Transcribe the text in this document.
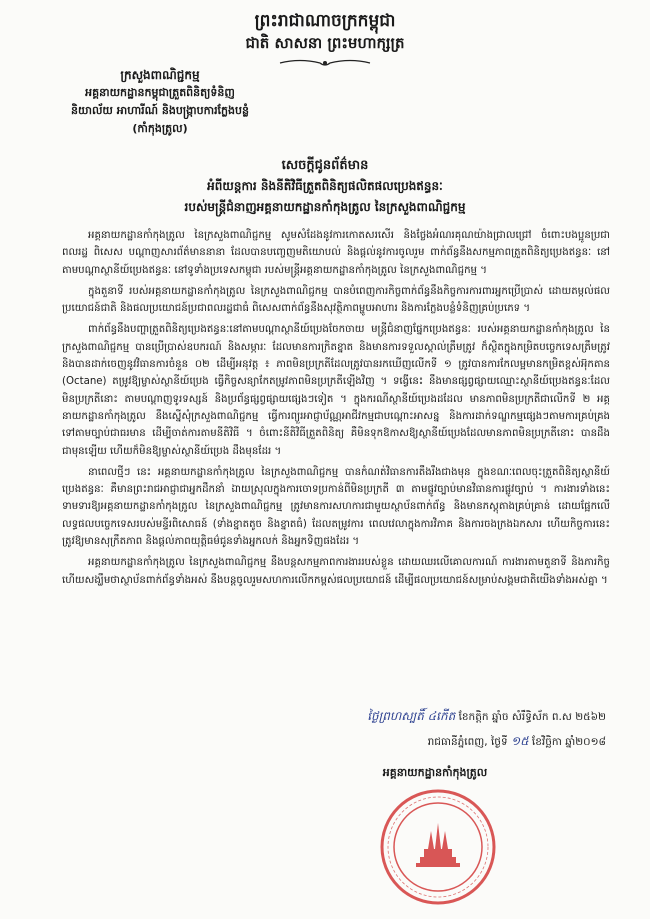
ព្រះរាជាណាចក្រកម្ពុជា
ជាតិ សាសនា ព្រះមហាក្សត្រ
ក្រសួងពាណិជ្ជកម្ម
អគ្គនាយកដ្ឋានកម្ពុជាត្រួតពិនិត្យទំនិញ
និយាល័យ អាហារីណ៍ និងបង្ក្រាបការក្លែងបន្លំ
(កាំកុងត្រូល)
សេចក្តីជូនព័ត៌មាន
អំពីយន្តការ និងនីតិវិធីត្រួតពិនិត្យផលិតផលប្រេងឥន្ធនៈ
របស់មន្ត្រីជំនាញអគ្គនាយកដ្ឋានកាំកុងត្រូល នៃក្រសួងពាណិជ្ជកម្ម

អគ្គនាយកដ្ឋានកាំកុងត្រូល នៃក្រសួងពាណិជ្ជកម្ម សូមសំដែងនូវការកោតសរសើរ និងថ្លែងអំណរគុណយ៉ាងជ្រាលជ្រៅ ចំពោះបងប្អូនប្រជាពលរដ្ឋ ពិសេស បណ្ដាញសារព័ត៌មាននានា ដែលបានបញ្ចេញមតិយោបល់ និងផ្តល់នូវការចូលរួម ពាក់ព័ន្ធនឹងសកម្មភាពត្រួតពិនិត្យប្រេងឥន្ធនៈ នៅតាមបណ្តាស្ថានីយ៍ប្រេងឥន្ធនៈ នៅទូទាំងប្រទេសកម្ពុជា របស់មន្ត្រីអគ្គនាយកដ្ឋានកាំកុងត្រូល នៃក្រសួងពាណិជ្ជកម្ម ។

ក្នុងតួនាទី របស់អគ្គនាយកដ្ឋានកាំកុងត្រូល នៃក្រសួងពាណិជ្ជកម្ម បានបំពេញការកិច្ចពាក់ព័ន្ធនឹងកិច្ចការការពារអ្នកប្រើប្រាស់ ដោយតម្កល់ផលប្រយោជន៍ជាតិ និងផលប្រយោជន៍ប្រជាពលរដ្ឋជាធំ ពិសេសពាក់ព័ន្ធនឹងសុវត្ថិភាពម្ហូបអាហារ និងការក្លែងបន្លំទំនិញគ្រប់ប្រភេទ ។

ពាក់ព័ន្ធនឹងបញ្ហាត្រួតពិនិត្យប្រេងឥន្ធនៈនៅតាមបណ្តាស្ថានីយ៍ប្រេងចែកចាយ មន្ត្រីជំនាញផ្នែកប្រេងឥន្ធនៈ របស់អគ្គនាយកដ្ឋានកាំកុងត្រូល នៃក្រសួងពាណិជ្ជកម្ម បានប្រើប្រាស់ឧបករណ៍ និងសម្ភារៈ ដែលមានការក្រិតខ្នាត និងមានការទទួលស្គាល់ត្រឹមត្រូវ ក៏ស្ថិតក្នុងកម្រិតបច្ចេកទេសត្រឹមត្រូវ និងបានដាក់ចេញនូវវិធានការចំនួន ០២ ដើម្បីអនុវត្ត ៖ ភាពមិនប្រក្រតីដែលត្រូវបានរកឃើញលើកទី ១ ត្រូវបានការកែលម្អមានកម្រិតខ្ពស់អ៊ុកតាន (Octane) តម្រូវឱ្យម្ចាស់ស្ថានីយ៍ប្រេង ធ្វើកិច្ចសន្យាកែតម្រូវភាពមិនប្រក្រតីឡើងវិញ ។ ទង្វើនេះ នឹងមានផ្សព្វផ្សាយឈ្មោះស្ថានីយ៍ប្រេងឥន្ធនៈដែលមិនប្រក្រតីនោះ តាមបណ្តាញទូរទស្សន៍ និងប្រព័ន្ធផ្សព្វផ្សាយផ្សេងៗទៀត ។ ក្នុងករណីស្ថានីយ៍ប្រេងដដែល មានភាពមិនប្រក្រតីជាលើកទី ២ អគ្គនាយកដ្ឋានកាំកុងត្រូល នឹងស្នើសុំក្រសួងពាណិជ្ជកម្ម ធ្វើការព្យួរអាជ្ញាប័ណ្ណអាជីវកម្មជាបណ្ដោះអាសន្ន និងការដាក់ទណ្ឌកម្មផ្សេងៗតាមការគ្រប់គ្រងទៅតាមច្បាប់ជាធរមាន ដើម្បីចាត់ការតាមនីតិវិធី ។ ចំពោះនីតិវិធីត្រួតពិនិត្យ គឺមិនទុកឱកាសឱ្យស្ថានីយ៍ប្រេងដែលមានភាពមិនប្រក្រតីនោះ បានដឹងជាមុនឡើយ ហើយក៏មិនឱ្យម្ចាស់ស្ថានីយ៍ប្រេង ដឹងមុនដែរ ។

នាពេលថ្មីៗ នេះ អគ្គនាយកដ្ឋានកាំកុងត្រូល នៃក្រសួងពាណិជ្ជកម្ម បានកំណត់វិធានការតឹងរឹងជាងមុន ក្នុងខណៈពេលចុះត្រួតពិនិត្យស្ថានីយ៍ប្រេងឥន្ធនៈ គឺមានព្រះរាជអាជ្ញាជាអ្នកដឹកនាំ ឯាយស្រុលក្នុងការចោទប្រកាន់ពីមិនប្រក្រតី ៣ តាមផ្លូវច្បាប់មានវិធានការផ្លូវច្បាប់ ។ ការងារទាំងនេះ ទាមទារឱ្យអគ្គនាយកដ្ឋានកាំកុងត្រូល នៃក្រសួងពាណិជ្ជកម្ម ត្រូវមានការសហការជាមួយស្ថាប័នពាក់ព័ន្ធ និងមានភស្តុតាងគ្រប់គ្រាន់ ដោយផ្អែកលើលទ្ធផលបច្ចេកទេសរបស់មន្ទីរពិសោធន៍ (ទាំងខ្នាតតូច និងខ្នាតធំ) ដែលតម្រូវការ ពេលវេលាក្នុងការវិភាគ និងការចងក្រងឯកសារ ហើយកិច្ចការនេះ ត្រូវឱ្យមានសុក្រឹតភាព និងផ្តល់ភាពយុត្តិធម៌ជូនទាំងអ្នកលក់ និងអ្នកទិញផងដែរ ។

អគ្គនាយកដ្ឋានកាំកុងត្រូល នៃក្រសួងពាណិជ្ជកម្ម នឹងបន្តសកម្មភាពការងាររបស់ខ្លួន ដោយឈរលើគោលការណ៍ ការងារតាមតួនាទី និងភារកិច្ច ហើយសង្ឃឹមថាស្ថាប័នពាក់ព័ន្ធទាំងអស់ នឹងបន្តចូលរួមសហការលើកកម្ពស់ផលប្រយោជន៍ ដើម្បីផលប្រយោជន៍សម្រាប់សង្គមជាតិយើងទាំងអស់គ្នា ។

ថ្ងៃព្រហស្បតិ៍ ៤កើត ខែកត្តិក ឆ្នាំច សំរឹទ្ធិស័ក ព.ស ២៥៦២
រាជធានីភ្នំពេញ, ថ្ងៃទី ១៥ ខែវិច្ឆិកា ឆ្នាំ២០១៨
អគ្គនាយកដ្ឋានកាំកុងត្រូល
